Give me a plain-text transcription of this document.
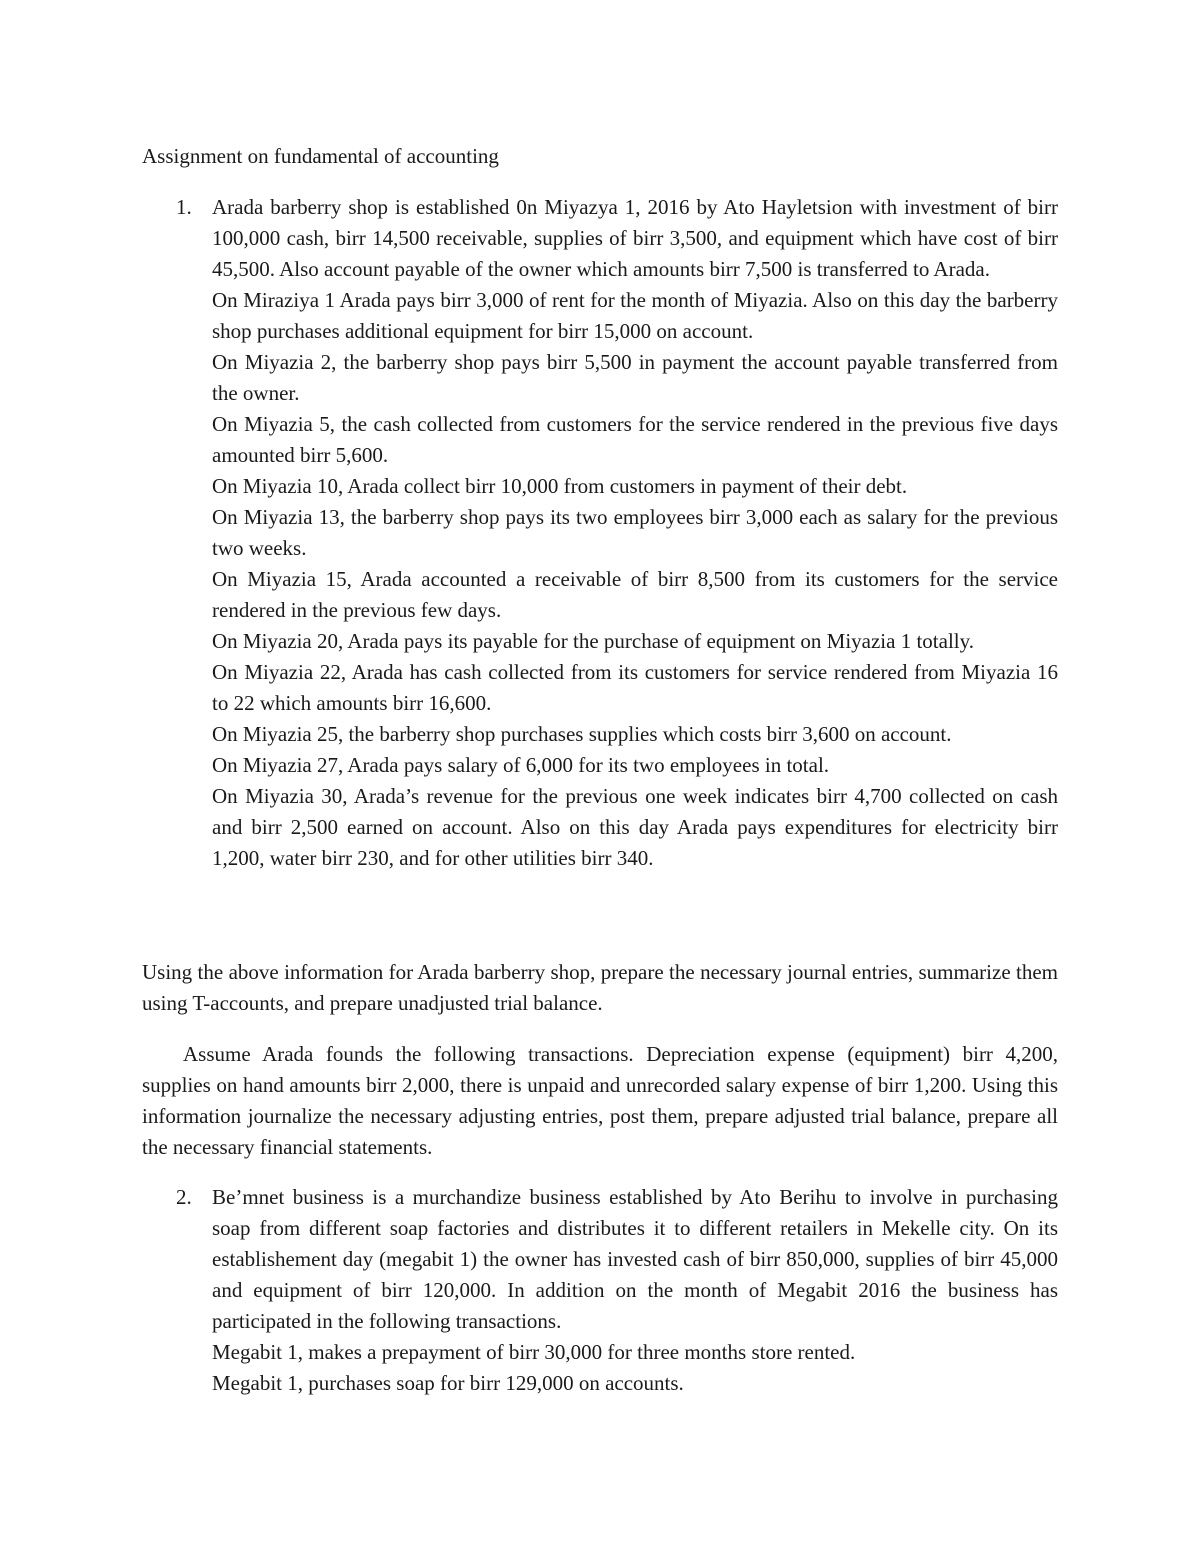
Assignment on fundamental of accounting
1. Arada barberry shop is established 0n Miyazya 1, 2016 by Ato Hayletsion with investment of birr 100,000 cash, birr 14,500 receivable, supplies of birr 3,500, and equipment which have cost of birr 45,500. Also account payable of the owner which amounts birr 7,500 is transferred to Arada.

On Miraziya 1 Arada pays birr 3,000 of rent for the month of Miyazia. Also on this day the barberry shop purchases additional equipment for birr 15,000 on account.

On Miyazia 2, the barberry shop pays birr 5,500 in payment the account payable transferred from the owner.

On Miyazia 5, the cash collected from customers for the service rendered in the previous five days amounted birr 5,600.

On Miyazia 10, Arada collect birr 10,000 from customers in payment of their debt.

On Miyazia 13, the barberry shop pays its two employees birr 3,000 each as salary for the previous two weeks.

On Miyazia 15, Arada accounted a receivable of birr 8,500 from its customers for the service rendered in the previous few days.

On Miyazia 20, Arada pays its payable for the purchase of equipment on Miyazia 1 totally.

On Miyazia 22, Arada has cash collected from its customers for service rendered from Miyazia 16 to 22 which amounts birr 16,600.

On Miyazia 25, the barberry shop purchases supplies which costs birr 3,600 on account.

On Miyazia 27, Arada pays salary of 6,000 for its two employees in total.

On Miyazia 30, Arada’s revenue for the previous one week indicates birr 4,700 collected on cash and birr 2,500 earned on account. Also on this day Arada pays expenditures for electricity birr 1,200, water birr 230, and for other utilities birr 340.

Using the above information for Arada barberry shop, prepare the necessary journal entries, summarize them using T-accounts, and prepare unadjusted trial balance.

Assume Arada founds the following transactions. Depreciation expense (equipment) birr 4,200, supplies on hand amounts birr 2,000, there is unpaid and unrecorded salary expense of birr 1,200. Using this information journalize the necessary adjusting entries, post them, prepare adjusted trial balance, prepare all the necessary financial statements.

2. Be’mnet business is a murchandize business established by Ato Berihu to involve in purchasing soap from different soap factories and distributes it to different retailers in Mekelle city. On its establishement day (megabit 1) the owner has invested cash of birr 850,000, supplies of birr 45,000 and equipment of birr 120,000. In addition on the month of Megabit 2016 the business has participated in the following transactions.

Megabit 1, makes a prepayment of birr 30,000 for three months store rented.

Megabit 1, purchases soap for birr 129,000 on accounts.
